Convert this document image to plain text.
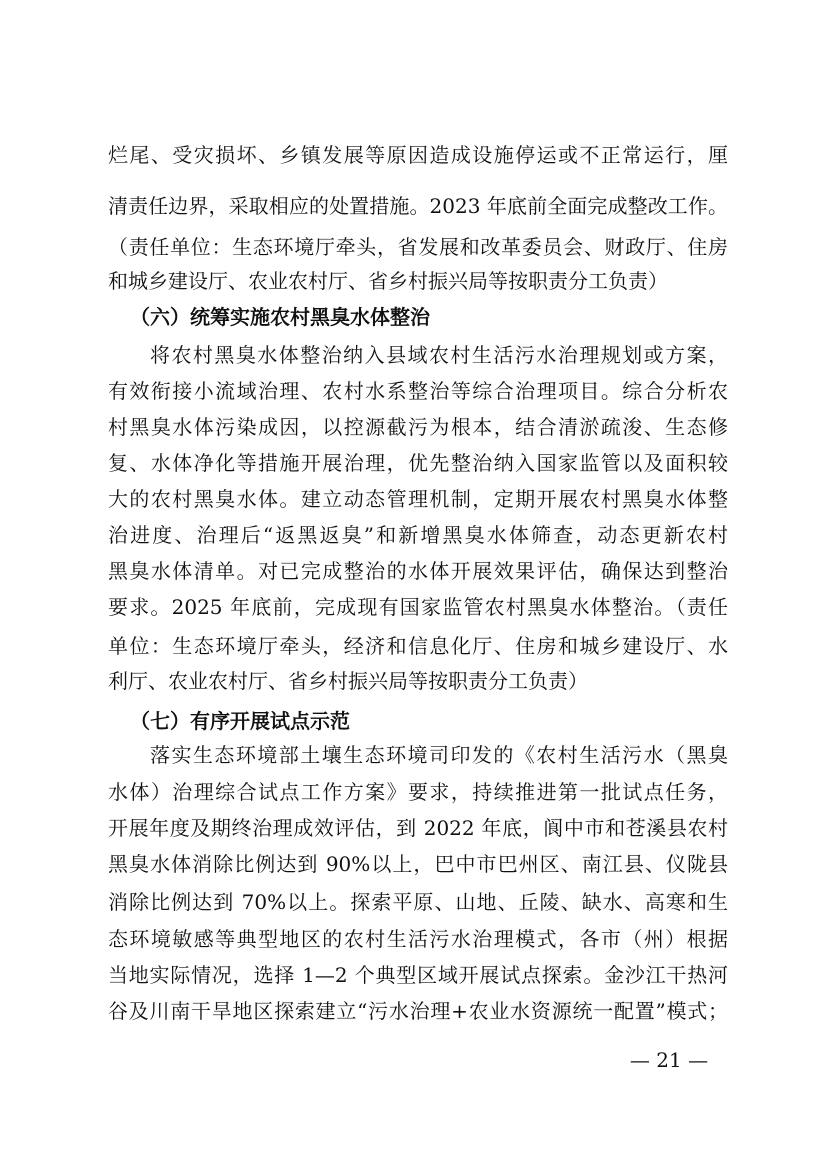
烂尾、受灾损坏、乡镇发展等原因造成设施停运或不正常运行，厘
清责任边界，采取相应的处置措施。2023 年底前全面完成整改工作。
（责任单位：生态环境厅牵头，省发展和改革委员会、财政厅、住房
和城乡建设厅、农业农村厅、省乡村振兴局等按职责分工负责）
（六）统筹实施农村黑臭水体整治
将农村黑臭水体整治纳入县域农村生活污水治理规划或方案，
有效衔接小流域治理、农村水系整治等综合治理项目。综合分析农
村黑臭水体污染成因，以控源截污为根本，结合清淤疏浚、生态修
复、水体净化等措施开展治理，优先整治纳入国家监管以及面积较
大的农村黑臭水体。建立动态管理机制，定期开展农村黑臭水体整
治进度、治理后“返黑返臭”和新增黑臭水体筛查，动态更新农村
黑臭水体清单。对已完成整治的水体开展效果评估，确保达到整治
要求。2025 年底前，完成现有国家监管农村黑臭水体整治。（责任
单位：生态环境厅牵头，经济和信息化厅、住房和城乡建设厅、水
利厅、农业农村厅、省乡村振兴局等按职责分工负责）
（七）有序开展试点示范
落实生态环境部土壤生态环境司印发的《农村生活污水（黑臭
水体）治理综合试点工作方案》要求，持续推进第一批试点任务，
开展年度及期终治理成效评估，到 2022 年底，阆中市和苍溪县农村
黑臭水体消除比例达到 90%以上，巴中市巴州区、南江县、仪陇县
消除比例达到 70%以上。探索平原、山地、丘陵、缺水、高寒和生
态环境敏感等典型地区的农村生活污水治理模式，各市（州）根据
当地实际情况，选择 1—2 个典型区域开展试点探索。金沙江干热河
谷及川南干旱地区探索建立“污水治理+农业水资源统一配置”模式；
— 21 —
